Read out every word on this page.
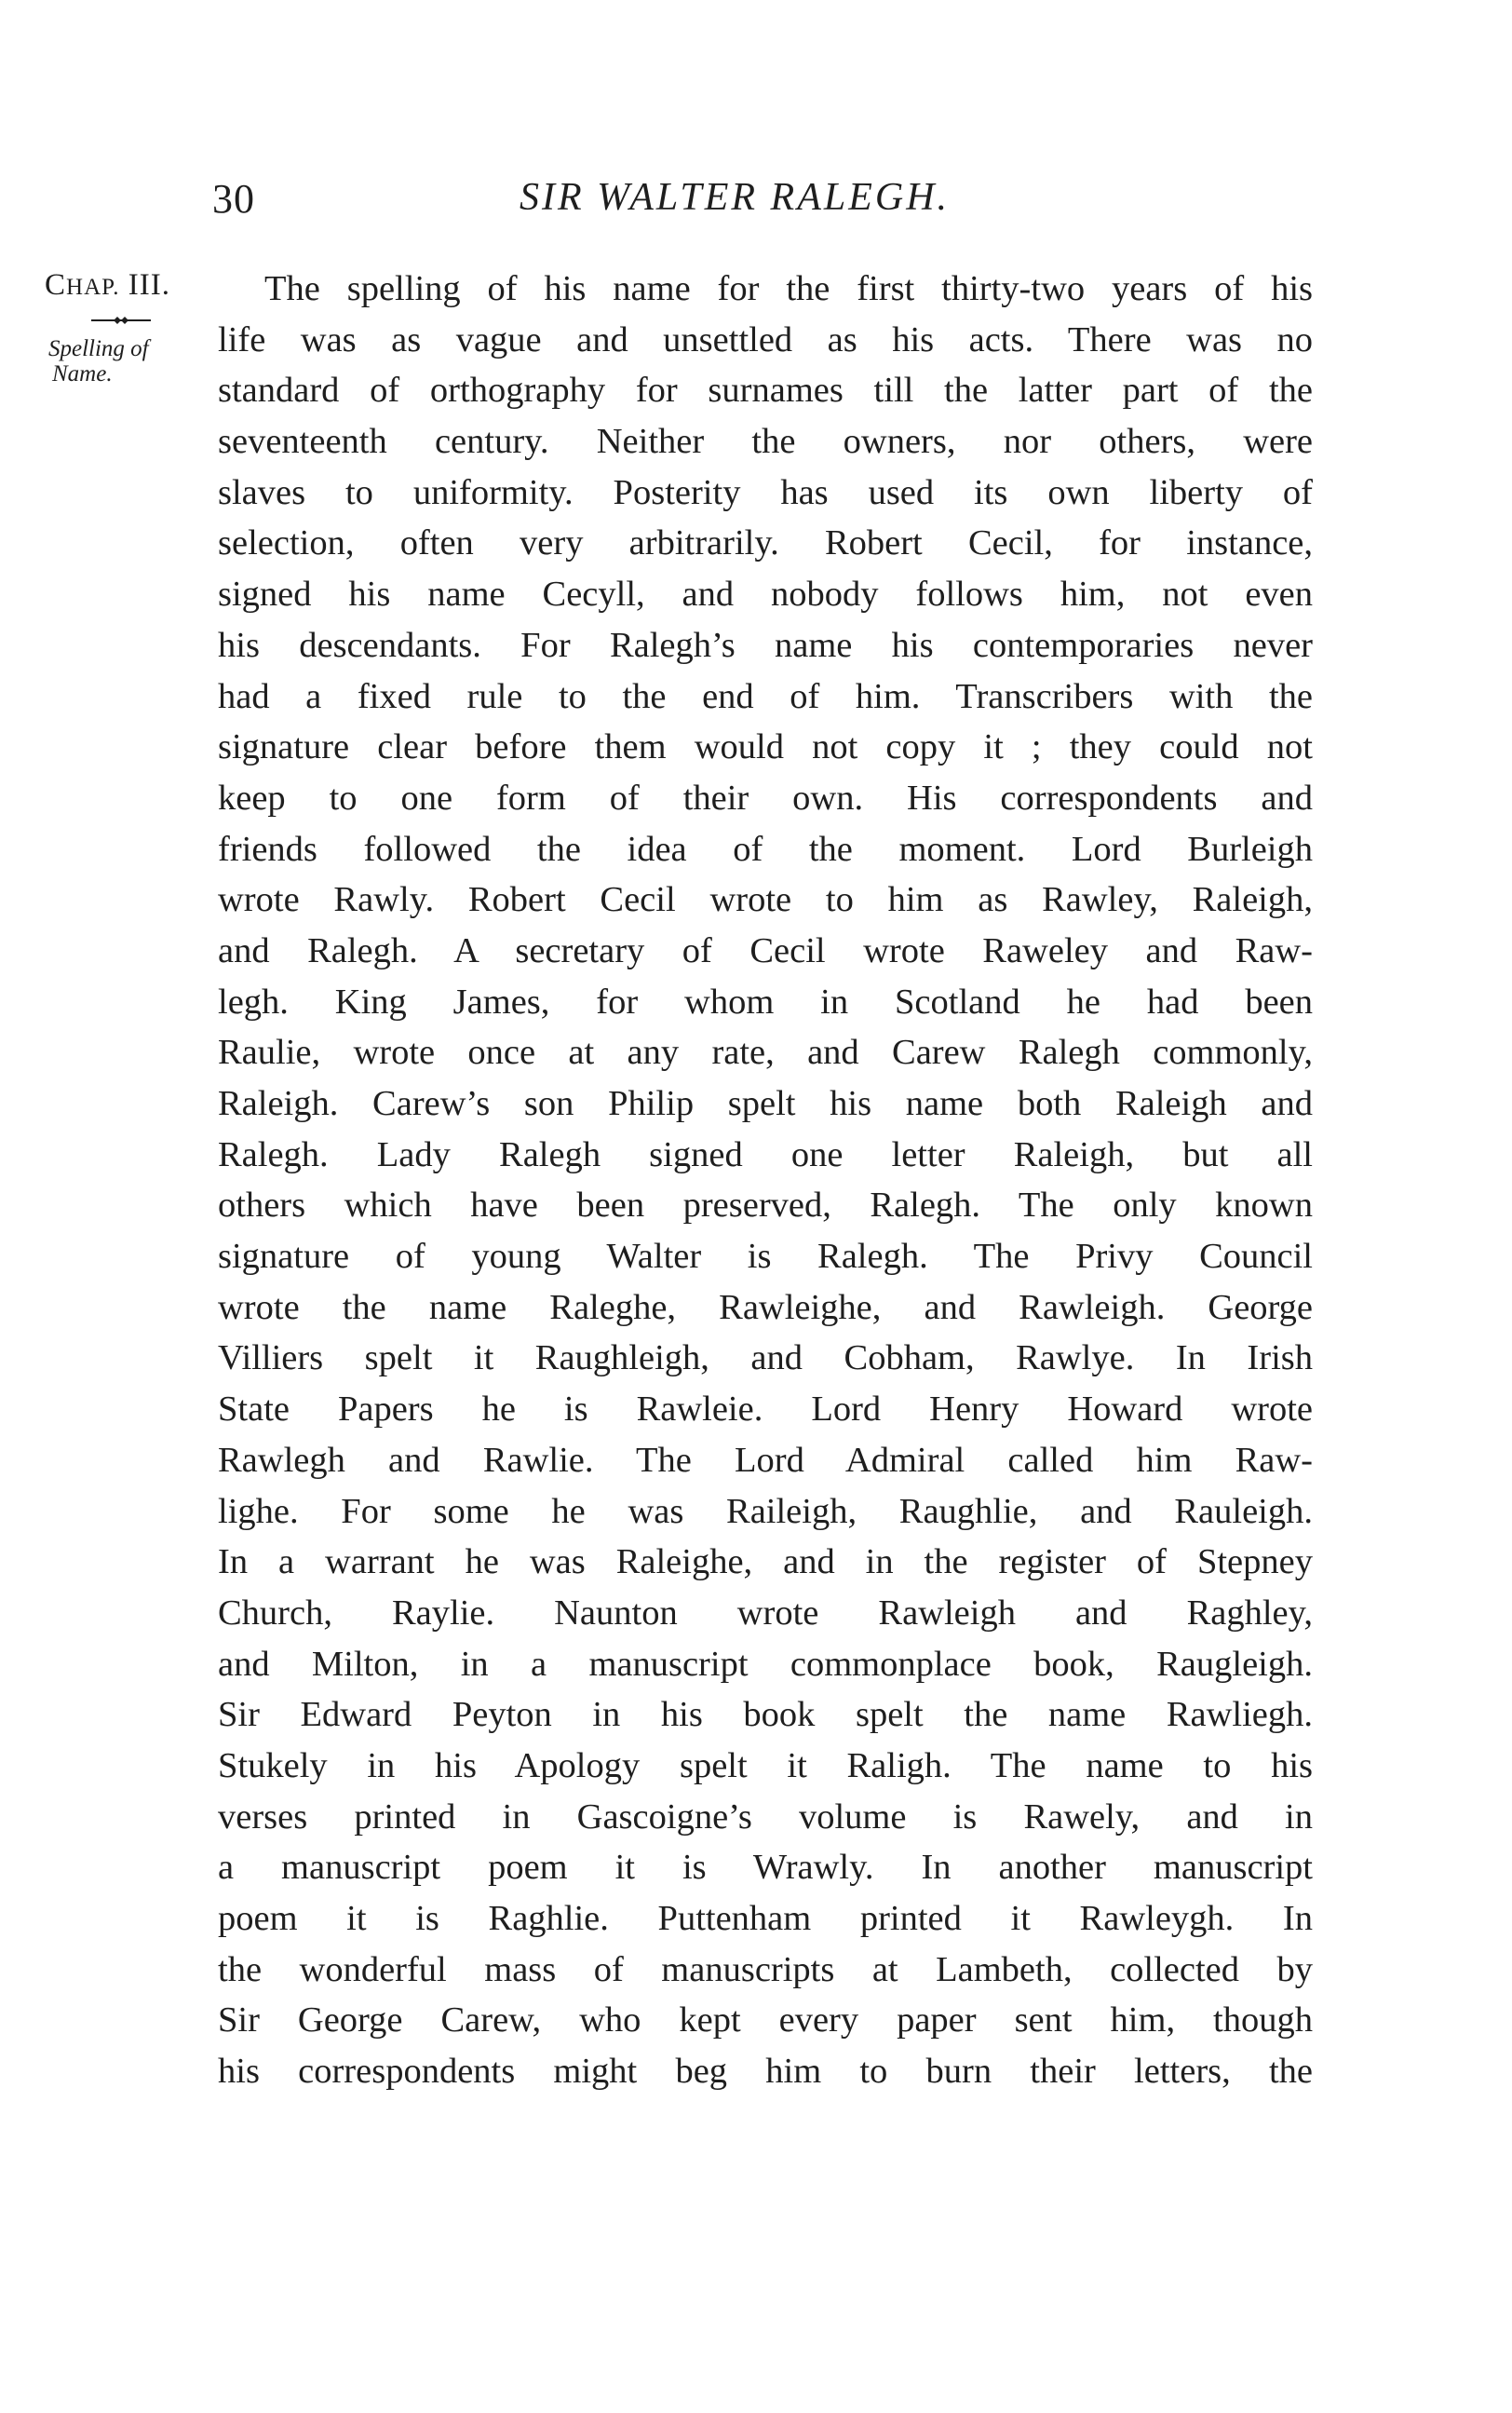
30	SIR WALTER RALEGH.
CHAP. III.
Spelling of
Name.
The spelling of his name for the first thirty-two years of his
life was as vague and unsettled as his acts. There was no
standard of orthography for surnames till the latter part of the
seventeenth century. Neither the owners, nor others, were
slaves to uniformity. Posterity has used its own liberty of
selection, often very arbitrarily. Robert Cecil, for instance,
signed his name Cecyll, and nobody follows him, not even
his descendants. For Ralegh’s name his contemporaries never
had a fixed rule to the end of him. Transcribers with the
signature clear before them would not copy it ; they could not
keep to one form of their own. His correspondents and
friends followed the idea of the moment. Lord Burleigh
wrote Rawly. Robert Cecil wrote to him as Rawley, Raleigh,
and Ralegh. A secretary of Cecil wrote Raweley and Raw-
legh. King James, for whom in Scotland he had been
Raulie, wrote once at any rate, and Carew Ralegh commonly,
Raleigh. Carew’s son Philip spelt his name both Raleigh and
Ralegh. Lady Ralegh signed one letter Raleigh, but all
others which have been preserved, Ralegh. The only known
signature of young Walter is Ralegh. The Privy Council
wrote the name Raleghe, Rawleighe, and Rawleigh. George
Villiers spelt it Raughleigh, and Cobham, Rawlye. In Irish
State Papers he is Rawleie. Lord Henry Howard wrote
Rawlegh and Rawlie. The Lord Admiral called him Raw-
lighe. For some he was Raileigh, Raughlie, and Rauleigh.
In a warrant he was Raleighe, and in the register of Stepney
Church, Raylie. Naunton wrote Rawleigh and Raghley,
and Milton, in a manuscript commonplace book, Raugleigh.
Sir Edward Peyton in his book spelt the name Rawliegh.
Stukely in his Apology spelt it Raligh. The name to his
verses printed in Gascoigne’s volume is Rawely, and in
a manuscript poem it is Wrawly. In another manuscript
poem it is Raghlie. Puttenham printed it Rawleygh. In
the wonderful mass of manuscripts at Lambeth, collected by
Sir George Carew, who kept every paper sent him, though
his correspondents might beg him to burn their letters, the
